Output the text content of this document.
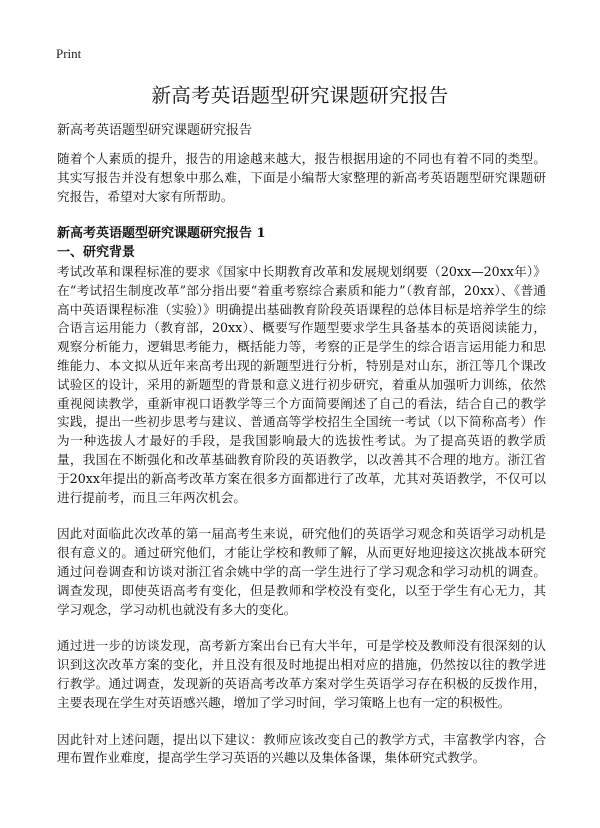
Print
新高考英语题型研究课题研究报告
新高考英语题型研究课题研究报告

随着个人素质的提升，报告的用途越来越大，报告根据用途的不同也有着不同的类型。其实写报告并没有想象中那么难，下面是小编帮大家整理的新高考英语题型研究课题研究报告，希望对大家有所帮助。

新高考英语题型研究课题研究报告 1

一、研究背景

考试改革和课程标准的要求《国家中长期教育改革和发展规划纲要（20xx—20xx年）》在“考试招生制度改革”部分指出要“着重考察综合素质和能力”（教育部，20xx）、《普通高中英语课程标准（实验）》明确提出基础教育阶段英语课程的总体目标是培养学生的综合语言运用能力（教育部，20xx）、概要写作题型要求学生具备基本的英语阅读能力，观察分析能力，逻辑思考能力，概括能力等，考察的正是学生的综合语言运用能力和思维能力、本文拟从近年来高考出现的新题型进行分析，特别是对山东，浙江等几个课改试验区的设计，采用的新题型的背景和意义进行初步研究，着重从加强听力训练，依然重视阅读教学，重新审视口语教学等三个方面简要阐述了自己的看法，结合自己的教学实践，提出一些初步思考与建议、普通高等学校招生全国统一考试（以下简称高考）作为一种选拔人才最好的手段，是我国影响最大的选拔性考试。为了提高英语的教学质量，我国在不断强化和改革基础教育阶段的英语教学，以改善其不合理的地方。浙江省于20xx年提出的新高考改革方案在很多方面都进行了改革，尤其对英语教学，不仅可以进行提前考，而且三年两次机会。

因此对面临此次改革的第一届高考生来说，研究他们的英语学习观念和英语学习动机是很有意义的。通过研究他们，才能让学校和教师了解，从而更好地迎接这次挑战本研究通过问卷调查和访谈对浙江省余姚中学的高一学生进行了学习观念和学习动机的调查。调查发现，即使英语高考有变化，但是教师和学校没有变化，以至于学生有心无力，其学习观念，学习动机也就没有多大的变化。

通过进一步的访谈发现，高考新方案出台已有大半年，可是学校及教师没有很深刻的认识到这次改革方案的变化，并且没有很及时地提出相对应的措施，仍然按以往的教学进行教学。通过调查，发现新的英语高考改革方案对学生英语学习存在积极的反拨作用，主要表现在学生对英语感兴趣，增加了学习时间，学习策略上也有一定的积极性。

因此针对上述问题，提出以下建议：教师应该改变自己的教学方式，丰富教学内容，合理布置作业难度，提高学生学习英语的兴趣以及集体备课，集体研究式教学。
